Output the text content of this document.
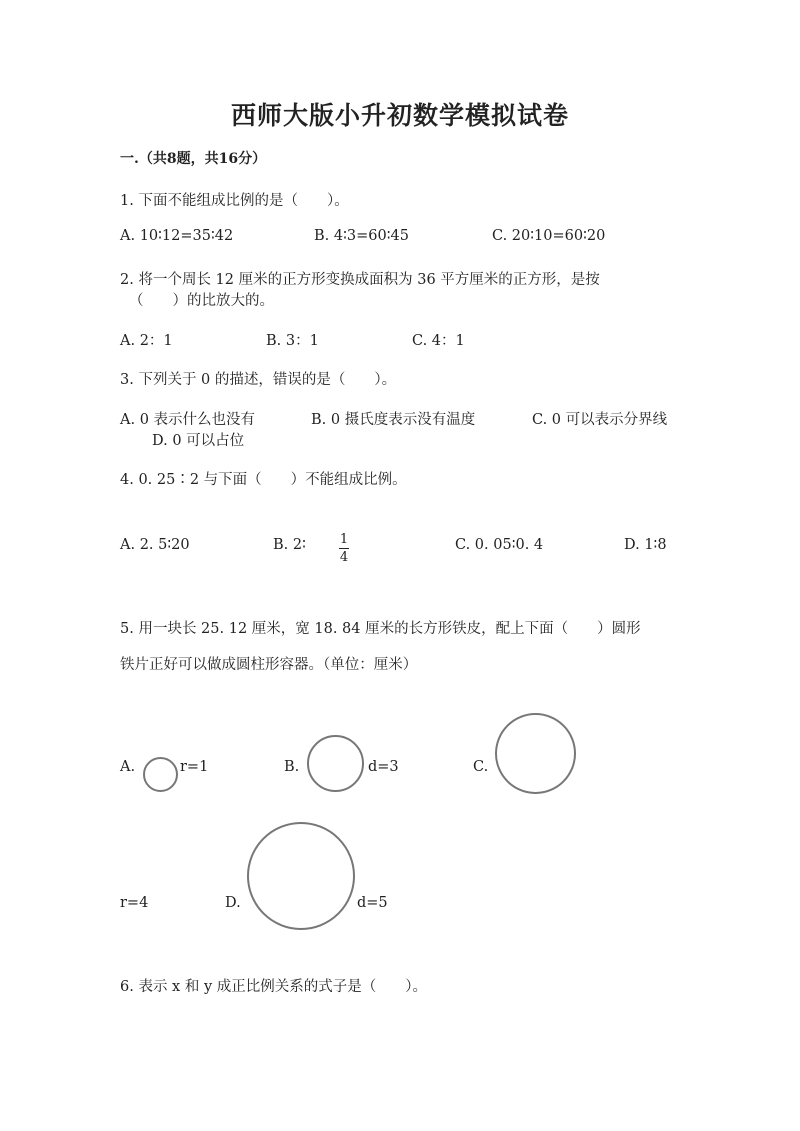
西师大版小升初数学模拟试卷
一.（共8题，共16分）
1. 下面不能组成比例的是（　　）。
A. 10∶12=35∶42	B. 4∶3=60∶45	C. 20∶10=60∶20
2. 将一个周长 12 厘米的正方形变换成面积为 36 平方厘米的正方形，是按
（　　）的比放大的。
A. 2：1	B. 3：1	C. 4：1
3. 下列关于 0 的描述，错误的是（　　）。
A. 0 表示什么也没有	B. 0 摄氏度表示没有温度	C. 0 可以表示分界线
D. 0 可以占位
4. 0. 25∶2 与下面（　　）不能组成比例。
A. 2. 5∶20	B. 2∶	1
4
C. 0. 05∶0. 4	D. 1∶8
5. 用一块长 25. 12 厘米，宽 18. 84 厘米的长方形铁皮，配上下面（　　）圆形
铁片正好可以做成圆柱形容器。（单位：厘米）
A.	r=1	B.	d=3	C.
r=4	D.	d=5
6. 表示 x 和 y 成正比例关系的式子是（　　）。
